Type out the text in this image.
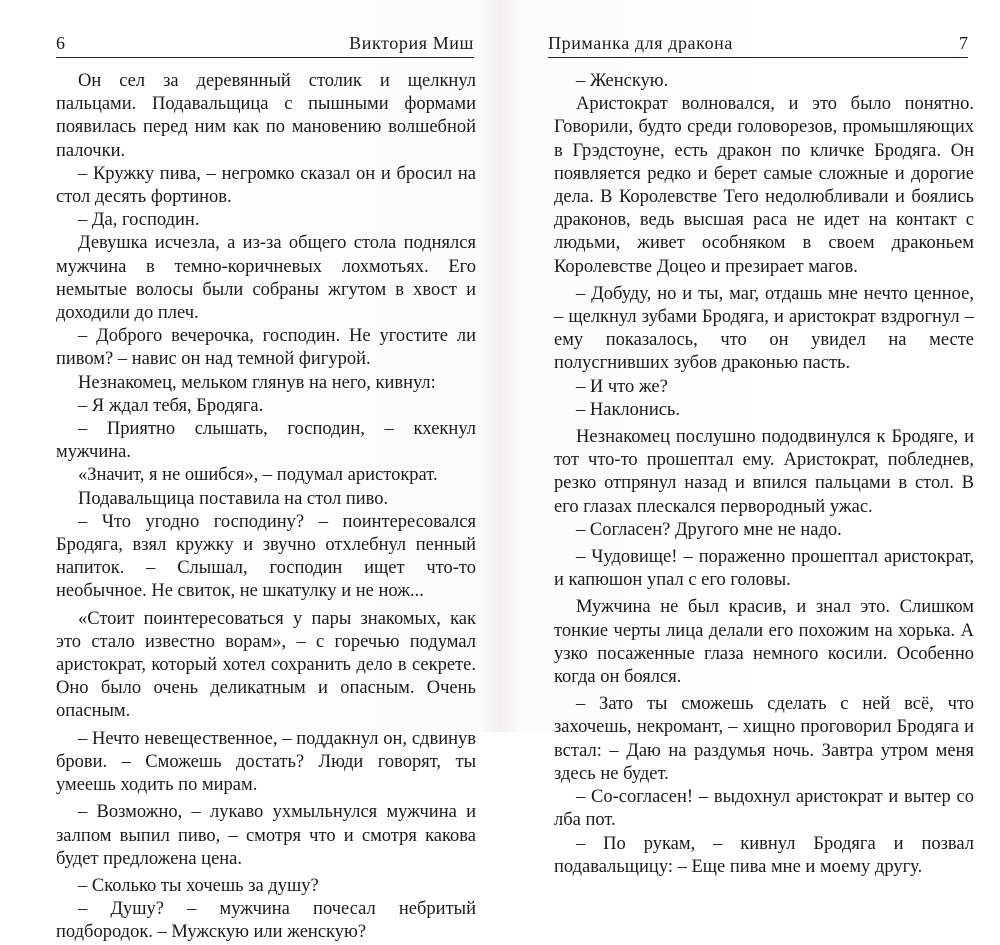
6	Виктория Миш

Он сел за деревянный столик и щелкнул пальцами. Подавальщица с пышными формами появилась перед ним как по мановению волшебной палочки.

– Кружку пива, – негромко сказал он и бросил на стол десять фортинов.

– Да, господин.

Девушка исчезла, а из-за общего стола поднялся мужчина в темно-коричневых лохмотьях. Его немытые волосы были собраны жгутом в хвост и доходили до плеч.

– Доброго вечерочка, господин. Не угостите ли пивом? – навис он над темной фигурой.

Незнакомец, мельком глянув на него, кивнул:

– Я ждал тебя, Бродяга.

– Приятно слышать, господин, – кхекнул мужчина.

«Значит, я не ошибся», – подумал аристократ.

Подавальщица поставила на стол пиво.

– Что угодно господину? – поинтересовался Бродяга, взял кружку и звучно отхлебнул пенный напиток. – Слышал, господин ищет что-то необычное. Не свиток, не шкатулку и не нож...

«Стоит поинтересоваться у пары знакомых, как это стало известно ворам», – с горечью подумал аристократ, который хотел сохранить дело в секрете. Оно было очень деликатным и опасным. Очень опасным.

– Нечто невещественное, – поддакнул он, сдвинув брови. – Сможешь достать? Люди говорят, ты умеешь ходить по мирам.

– Возможно, – лукаво ухмыльнулся мужчина и залпом выпил пиво, – смотря что и смотря какова будет предложена цена.

– Сколько ты хочешь за душу?

– Душу? – мужчина почесал небритый подбородок. – Мужскую или женскую?

Приманка для дракона	7

– Женскую.

Аристократ волновался, и это было понятно. Говорили, будто среди головорезов, промышляющих в Грэдстоуне, есть дракон по кличке Бродяга. Он появляется редко и берет самые сложные и дорогие дела. В Королевстве Тего недолюбливали и боялись драконов, ведь высшая раса не идет на контакт с людьми, живет особняком в своем драконьем Королевстве Доцео и презирает магов.

– Добуду, но и ты, маг, отдашь мне нечто ценное, – щелкнул зубами Бродяга, и аристократ вздрогнул – ему показалось, что он увидел на месте полусгнивших зубов драконью пасть.

– И что же?

– Наклонись.

Незнакомец послушно пододвинулся к Бродяге, и тот что-то прошептал ему. Аристократ, побледнев, резко отпрянул назад и впился пальцами в стол. В его глазах плескался первородный ужас.

– Согласен? Другого мне не надо.

– Чудовище! – пораженно прошептал аристократ, и капюшон упал с его головы.

Мужчина не был красив, и знал это. Слишком тонкие черты лица делали его похожим на хорька. А узко посаженные глаза немного косили. Особенно когда он боялся.

– Зато ты сможешь сделать с ней всё, что захочешь, некромант, – хищно проговорил Бродяга и встал: – Даю на раздумья ночь. Завтра утром меня здесь не будет.

– Со-согласен! – выдохнул аристократ и вытер со лба пот.

– По рукам, – кивнул Бродяга и позвал подавальщицу: – Еще пива мне и моему другу.
